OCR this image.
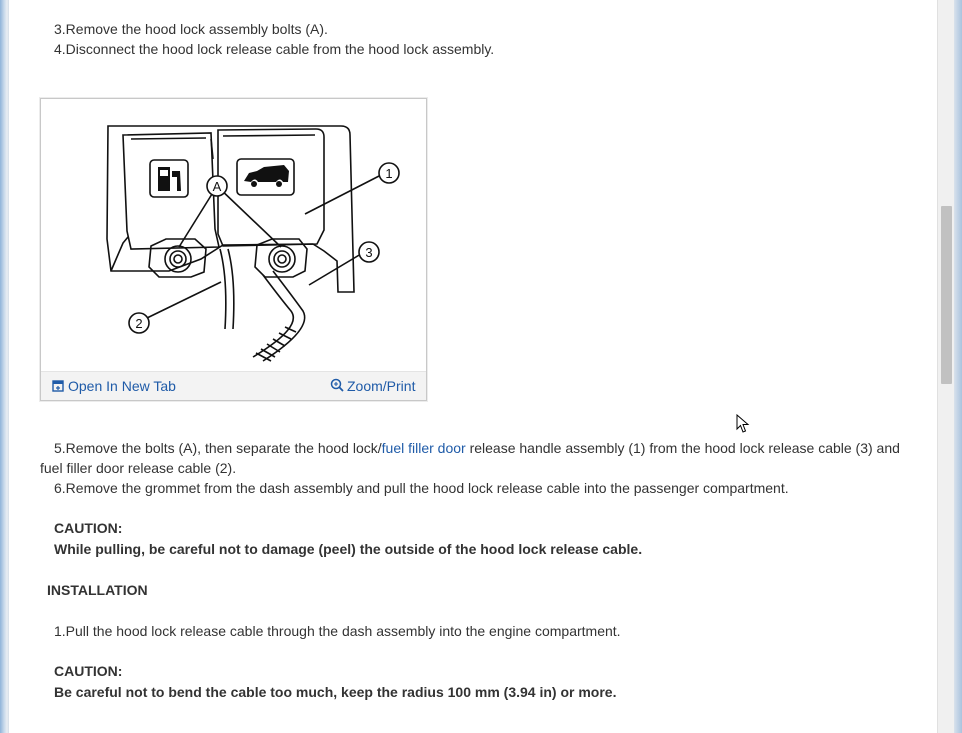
3.Remove the hood lock assembly bolts (A).
4.Disconnect the hood lock release cable from the hood lock assembly.
A
1
3
2
Open In New Tab	Zoom/Print
5.Remove the bolts (A), then separate the hood lock/fuel filler door release handle assembly (1) from the hood lock release cable (3) and
fuel filler door release cable (2).
6.Remove the grommet from the dash assembly and pull the hood lock release cable into the passenger compartment.
CAUTION:
While pulling, be careful not to damage (peel) the outside of the hood lock release cable.
INSTALLATION
1.Pull the hood lock release cable through the dash assembly into the engine compartment.
CAUTION:
Be careful not to bend the cable too much, keep the radius 100 mm (3.94 in) or more.
